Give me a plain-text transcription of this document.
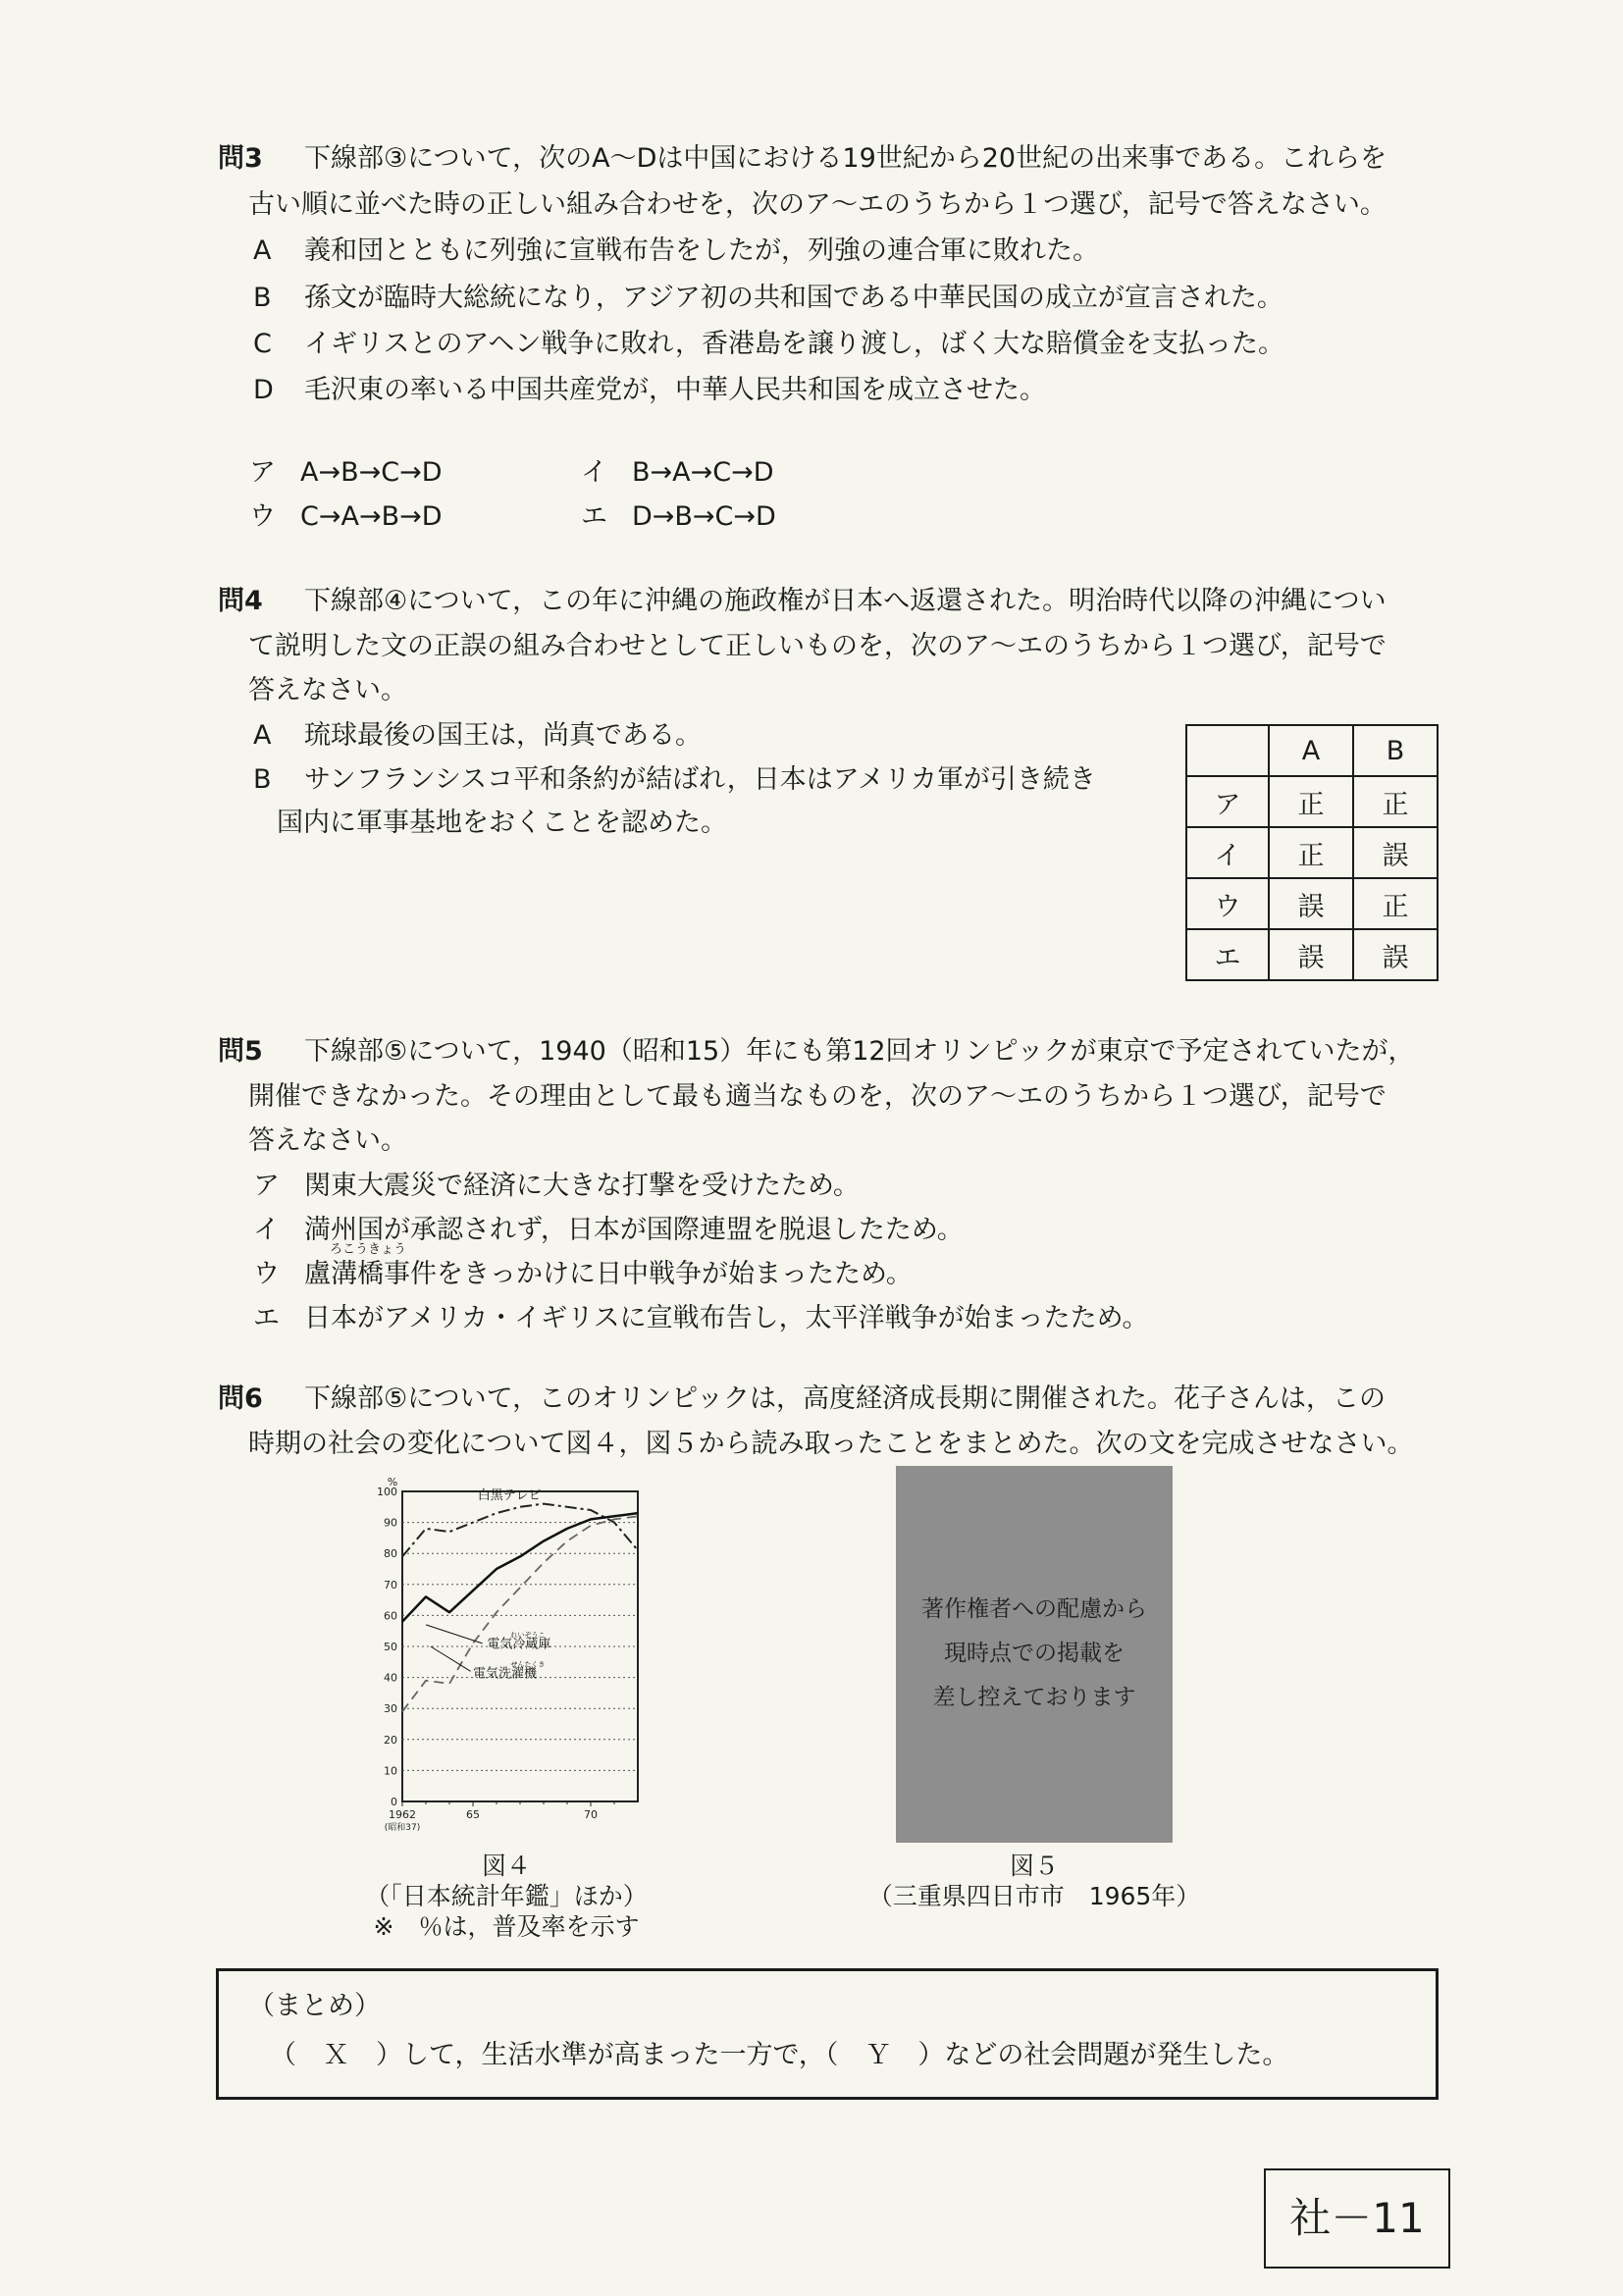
問3 下線部③について，次のA～Dは中国における19世紀から20世紀の出来事である。これらを
古い順に並べた時の正しい組み合わせを，次のア～エのうちから１つ選び，記号で答えなさい。
A 義和団とともに列強に宣戦布告をしたが，列強の連合軍に敗れた。
B 孫文が臨時大総統になり，アジア初の共和国である中華民国の成立が宣言された。
C イギリスとのアヘン戦争に敗れ，香港島を譲り渡し，ばく大な賠償金を支払った。
D 毛沢東の率いる中国共産党が，中華人民共和国を成立させた。
ア A→B→C→D	イ B→A→C→D
ウ C→A→B→D	エ D→B→C→D
問4 下線部④について，この年に沖縄の施政権が日本へ返還された。明治時代以降の沖縄につい
て説明した文の正誤の組み合わせとして正しいものを，次のア～エのうちから１つ選び，記号で
答えなさい。
A 琉球最後の国王は，尚真である。
B サンフランシスコ平和条約が結ばれ，日本はアメリカ軍が引き続き
国内に軍事基地をおくことを認めた。
	A	B
ア	正	正
イ	正	誤
ウ	誤	正
エ	誤	誤
問5 下線部⑤について，1940（昭和15）年にも第12回オリンピックが東京で予定されていたが，
開催できなかった。その理由として最も適当なものを，次のア～エのうちから１つ選び，記号で
答えなさい。
ア 関東大震災で経済に大きな打撃を受けたため。
イ 満州国が承認されず，日本が国際連盟を脱退したため。
ろこうきょう
ウ 盧溝橋事件をきっかけに日中戦争が始まったため。
エ 日本がアメリカ・イギリスに宣戦布告し，太平洋戦争が始まったため。
問6 下線部⑤について，このオリンピックは，高度経済成長期に開催された。花子さんは，この
時期の社会の変化について図４，図５から読み取ったことをまとめた。次の文を完成させなさい。
0
10
20
30
40
50
60
70
80
90
100
%
1962
(昭和37)
65	70
白黒テレビ
れいぞうこ
電気冷蔵庫
せんたくき
電気洗濯機
図４
（「日本統計年鑑」ほか）
※　％は，普及率を示す
著作権者への配慮から
現時点での掲載を
差し控えております
図５
（三重県四日市市　1965年）
（まとめ）
（　Ｘ　）して，生活水準が高まった一方で，（　Ｙ　）などの社会問題が発生した。
社－11
